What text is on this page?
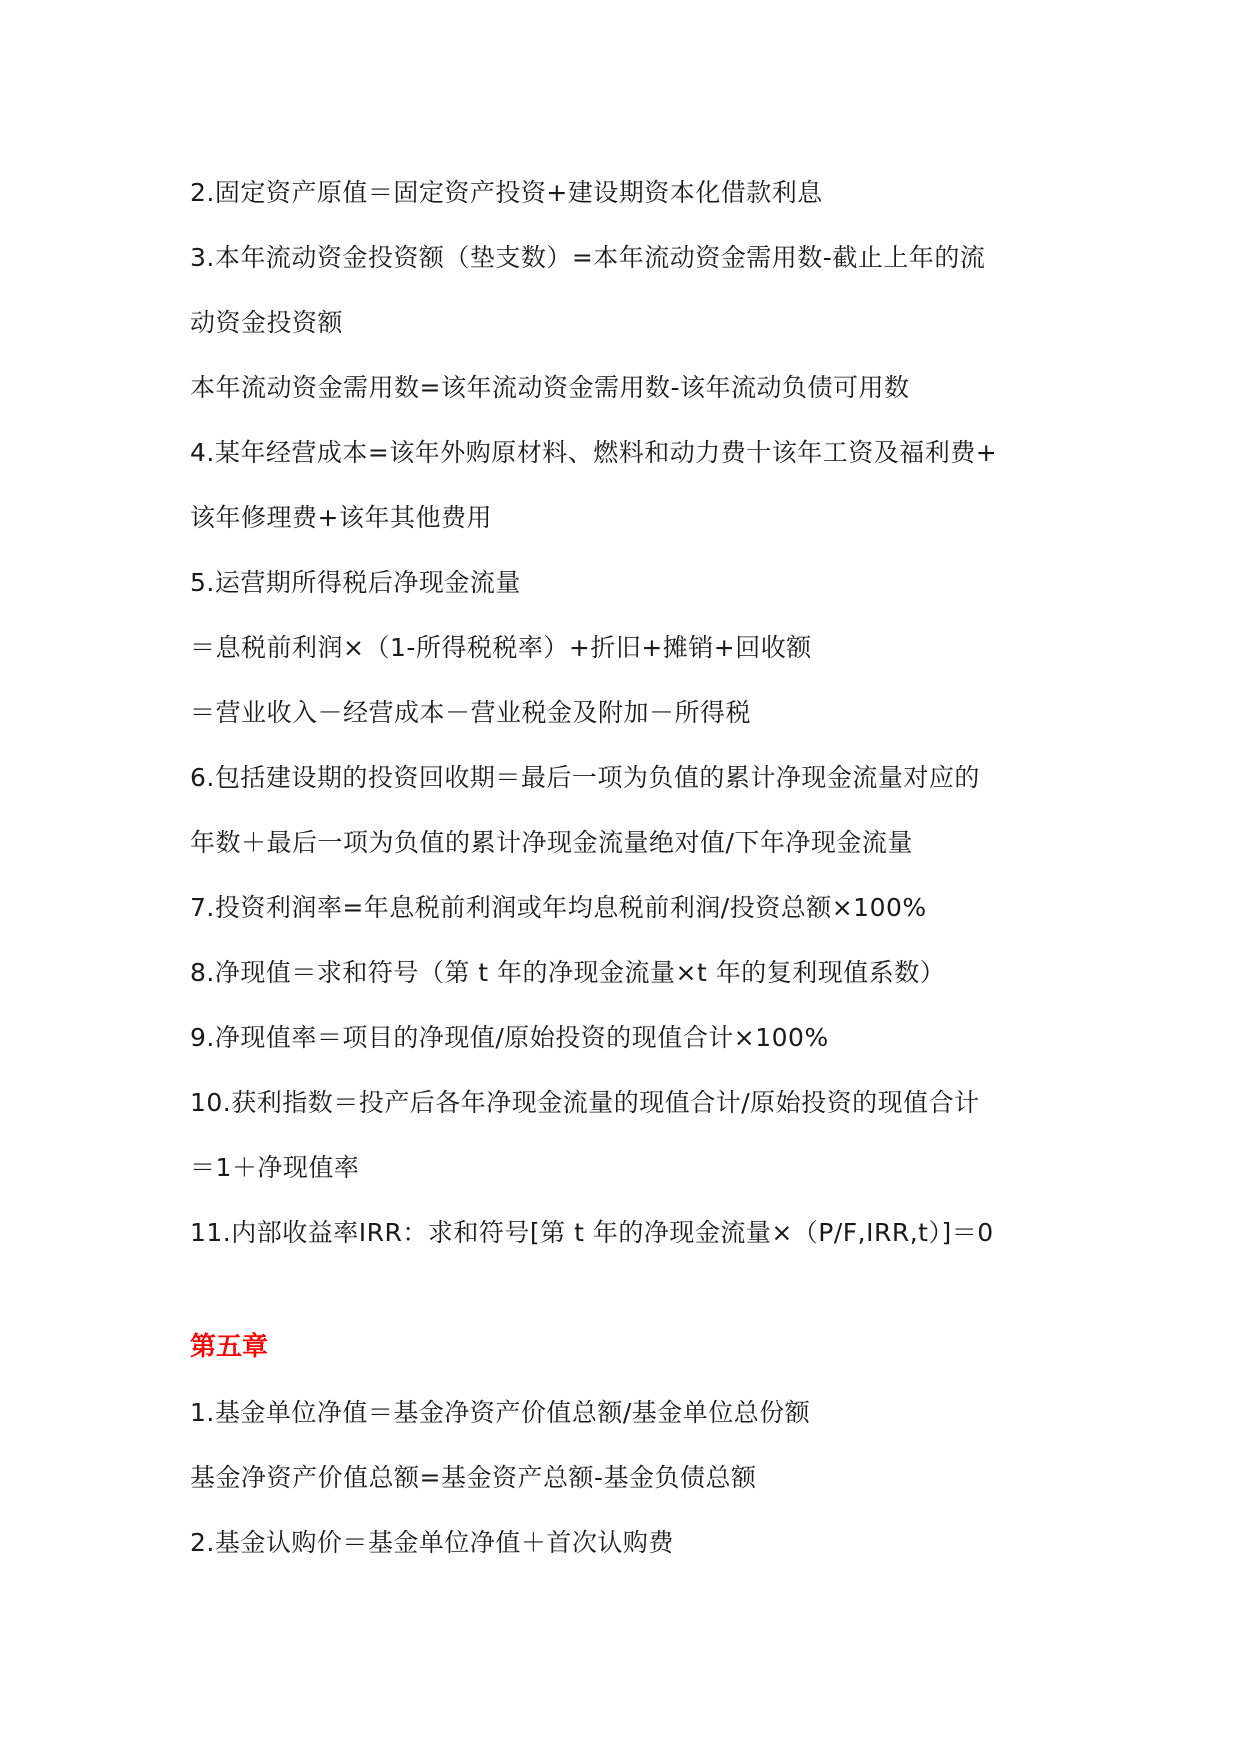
2.固定资产原值＝固定资产投资+建设期资本化借款利息
3.本年流动资金投资额（垫支数）=本年流动资金需用数-截止上年的流
动资金投资额
本年流动资金需用数=该年流动资金需用数-该年流动负债可用数
4.某年经营成本=该年外购原材料、燃料和动力费十该年工资及福利费+
该年修理费+该年其他费用
5.运营期所得税后净现金流量
＝息税前利润×（1-所得税税率）+折旧+摊销+回收额
＝营业收入－经营成本－营业税金及附加－所得税
6.包括建设期的投资回收期＝最后一项为负值的累计净现金流量对应的
年数＋最后一项为负值的累计净现金流量绝对值/下年净现金流量
7.投资利润率=年息税前利润或年均息税前利润/投资总额×100%
8.净现值＝求和符号（第 t 年的净现金流量×t 年的复利现值系数）
9.净现值率＝项目的净现值/原始投资的现值合计×100%
10.获利指数＝投产后各年净现金流量的现值合计/原始投资的现值合计
＝1＋净现值率
11.内部收益率IRR：求和符号[第 t 年的净现金流量×（P/F,IRR,t）]＝0
第五章
1.基金单位净值＝基金净资产价值总额/基金单位总份额
基金净资产价值总额=基金资产总额-基金负债总额
2.基金认购价＝基金单位净值＋首次认购费
